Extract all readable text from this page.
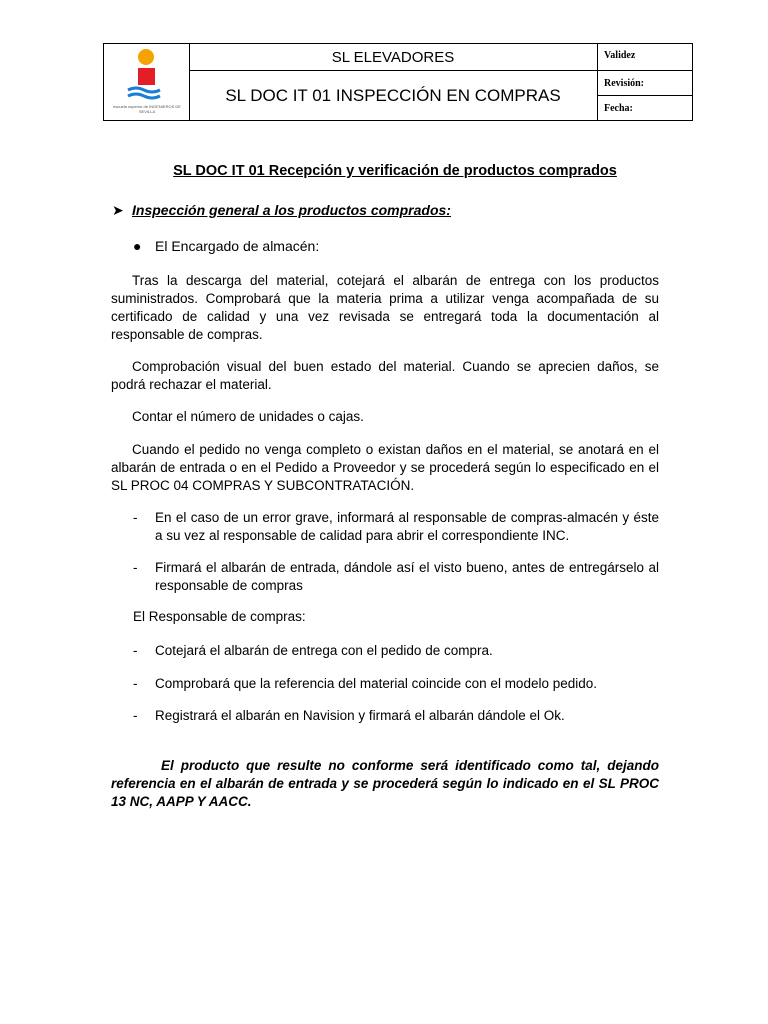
escuela superior de INGENIEROS DE SEVILLA
SL ELEVADORES
SL DOC IT 01 INSPECCIÓN EN COMPRAS
Validez
Revisión:
Fecha:
SL DOC IT 01 Recepción y verificación de productos comprados
➤ Inspección general a los productos comprados:
● El Encargado de almacén:
Tras la descarga del material, cotejará el albarán de entrega con los productos suministrados. Comprobará que la materia prima a utilizar venga acompañada de su certificado de calidad y una vez revisada se entregará toda la documentación al responsable de compras.
Comprobación visual del buen estado del material. Cuando se aprecien daños, se podrá rechazar el material.
Contar el número de unidades o cajas.
Cuando el pedido no venga completo o existan daños en el material, se anotará en el albarán de entrada o en el Pedido a Proveedor y se procederá según lo especificado en el SL PROC 04 COMPRAS Y SUBCONTRATACIÓN.
- En el caso de un error grave, informará al responsable de compras-almacén y éste a su vez al responsable de calidad para abrir el correspondiente INC.
- Firmará el albarán de entrada, dándole así el visto bueno, antes de entregárselo al responsable de compras
El Responsable de compras:
- Cotejará el albarán de entrega con el pedido de compra.
- Comprobará que la referencia del material coincide con el modelo pedido.
- Registrará el albarán en Navision y firmará el albarán dándole el Ok.
El producto que resulte no conforme será identificado como tal, dejando referencia en el albarán de entrada y se procederá según lo indicado en el SL PROC 13 NC, AAPP Y AACC.
